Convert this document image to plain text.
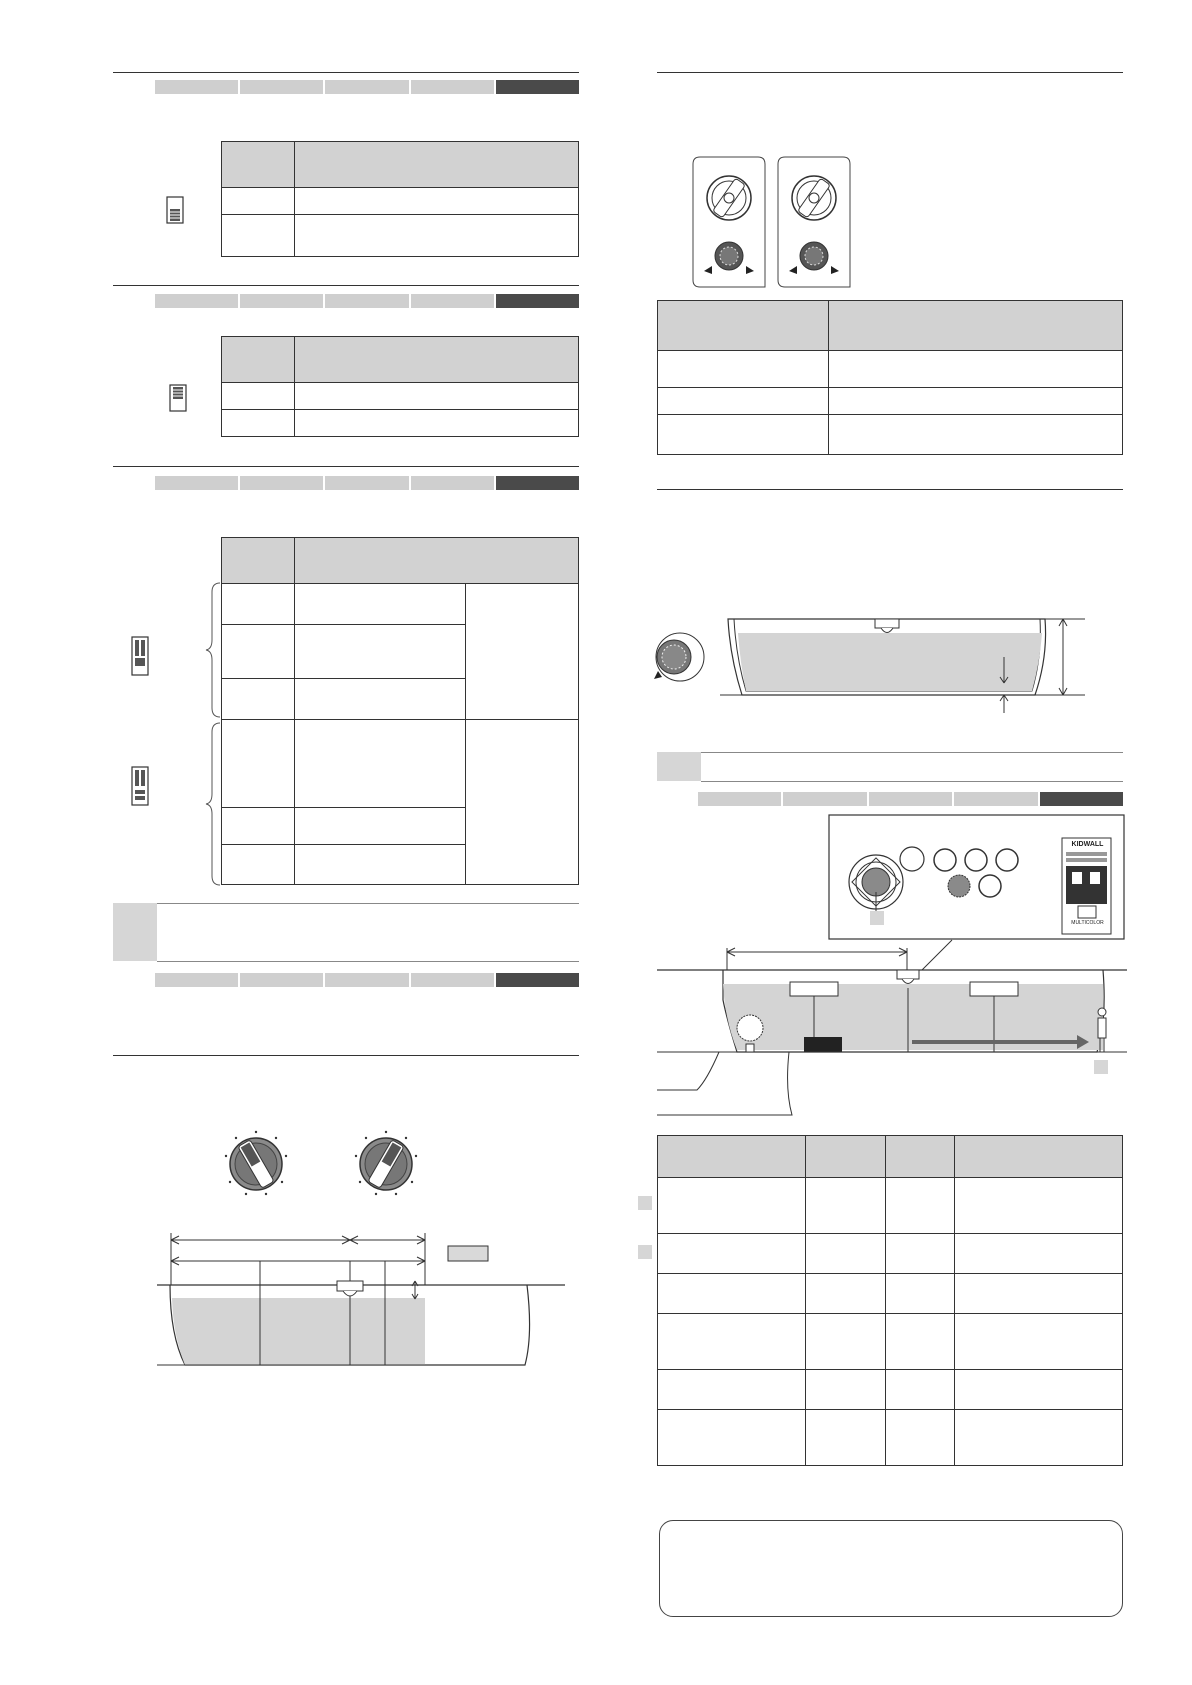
KIDWALL
MULTICOLOR
